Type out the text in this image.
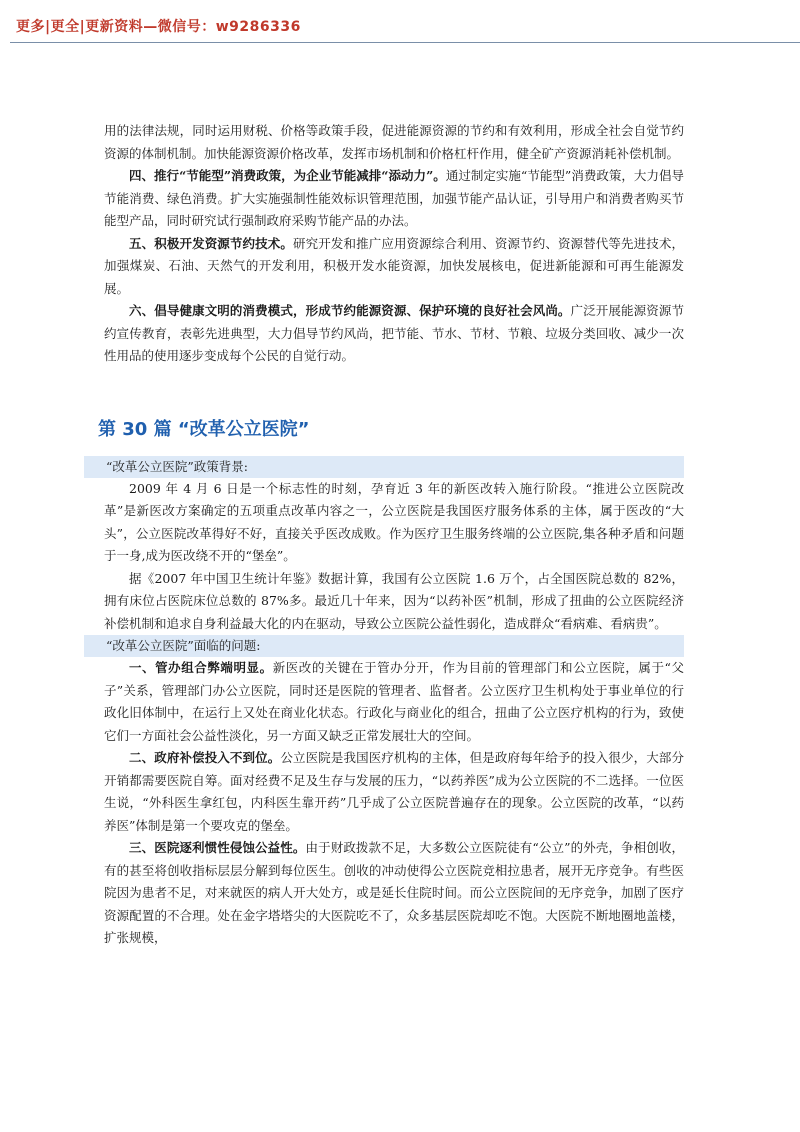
更多|更全|更新资料—微信号：w9286336

用的法律法规，同时运用财税、价格等政策手段，促进能源资源的节约和有效利用，形成全社会自觉节约资源的体制机制。加快能源资源价格改革，发挥市场机制和价格杠杆作用，健全矿产资源消耗补偿机制。

四、推行“节能型”消费政策，为企业节能减排“添动力”。通过制定实施“节能型”消费政策，大力倡导节能消费、绿色消费。扩大实施强制性能效标识管理范围，加强节能产品认证，引导用户和消费者购买节能型产品，同时研究试行强制政府采购节能产品的办法。

五、积极开发资源节约技术。研究开发和推广应用资源综合利用、资源节约、资源替代等先进技术，加强煤炭、石油、天然气的开发利用，积极开发水能资源，加快发展核电，促进新能源和可再生能源发展。

六、倡导健康文明的消费模式，形成节约能源资源、保护环境的良好社会风尚。广泛开展能源资源节约宣传教育，表彰先进典型，大力倡导节约风尚，把节能、节水、节材、节粮、垃圾分类回收、减少一次性用品的使用逐步变成每个公民的自觉行动。

第 30 篇 “改革公立医院”
“改革公立医院”政策背景:

2009 年 4 月 6 日是一个标志性的时刻，孕育近 3 年的新医改转入施行阶段。“推进公立医院改革”是新医改方案确定的五项重点改革内容之一，公立医院是我国医疗服务体系的主体，属于医改的“大头”，公立医院改革得好不好，直接关乎医改成败。作为医疗卫生服务终端的公立医院,集各种矛盾和问题于一身,成为医改绕不开的“堡垒”。

据《2007 年中国卫生统计年鉴》数据计算，我国有公立医院 1.6 万个，占全国医院总数的 82%，拥有床位占医院床位总数的 87%多。最近几十年来，因为“以药补医”机制，形成了扭曲的公立医院经济补偿机制和追求自身利益最大化的内在驱动，导致公立医院公益性弱化，造成群众“看病难、看病贵”。

“改革公立医院”面临的问题:

一、管办组合弊端明显。新医改的关键在于管办分开，作为目前的管理部门和公立医院，属于“父子”关系，管理部门办公立医院，同时还是医院的管理者、监督者。公立医疗卫生机构处于事业单位的行政化旧体制中，在运行上又处在商业化状态。行政化与商业化的组合，扭曲了公立医疗机构的行为，致使它们一方面社会公益性淡化，另一方面又缺乏正常发展壮大的空间。

二、政府补偿投入不到位。公立医院是我国医疗机构的主体，但是政府每年给予的投入很少，大部分开销都需要医院自筹。面对经费不足及生存与发展的压力，“以药养医”成为公立医院的不二选择。一位医生说，“外科医生拿红包，内科医生靠开药”几乎成了公立医院普遍存在的现象。公立医院的改革，“以药养医”体制是第一个要攻克的堡垒。

三、医院逐利惯性侵蚀公益性。由于财政拨款不足，大多数公立医院徒有“公立”的外壳，争相创收，有的甚至将创收指标层层分解到每位医生。创收的冲动使得公立医院竞相拉患者，展开无序竞争。有些医院因为患者不足，对来就医的病人开大处方，或是延长住院时间。而公立医院间的无序竞争，加剧了医疗资源配置的不合理。处在金字塔塔尖的大医院吃不了，众多基层医院却吃不饱。大医院不断地圈地盖楼，扩张规模，
